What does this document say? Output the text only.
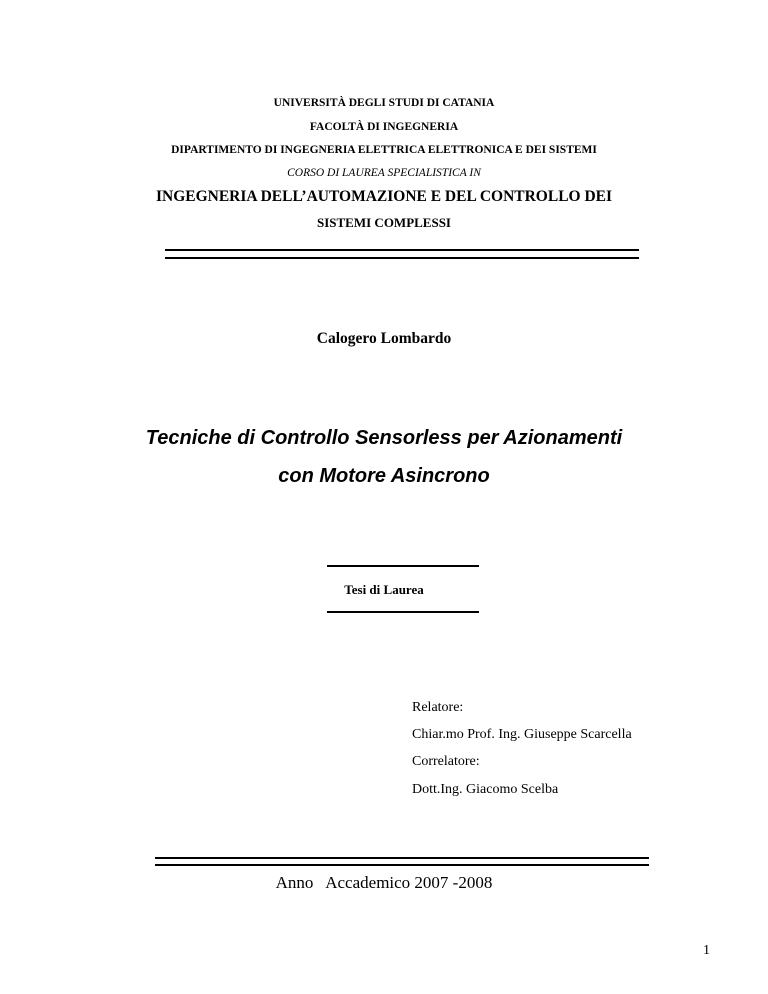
UNIVERSITÀ DEGLI STUDI DI CATANIA
FACOLTÀ DI INGEGNERIA
DIPARTIMENTO DI INGEGNERIA ELETTRICA ELETTRONICA E DEI SISTEMI
CORSO DI LAUREA SPECIALISTICA IN
INGEGNERIA DELL’AUTOMAZIONE E DEL CONTROLLO DEI
SISTEMI COMPLESSI
Calogero Lombardo
Tecniche di Controllo Sensorless per Azionamenti
con Motore Asincrono
Tesi di Laurea
Relatore:
Chiar.mo Prof. Ing. Giuseppe Scarcella
Correlatore:
Dott.Ing. Giacomo Scelba
Anno   Accademico 2007 -2008
1
